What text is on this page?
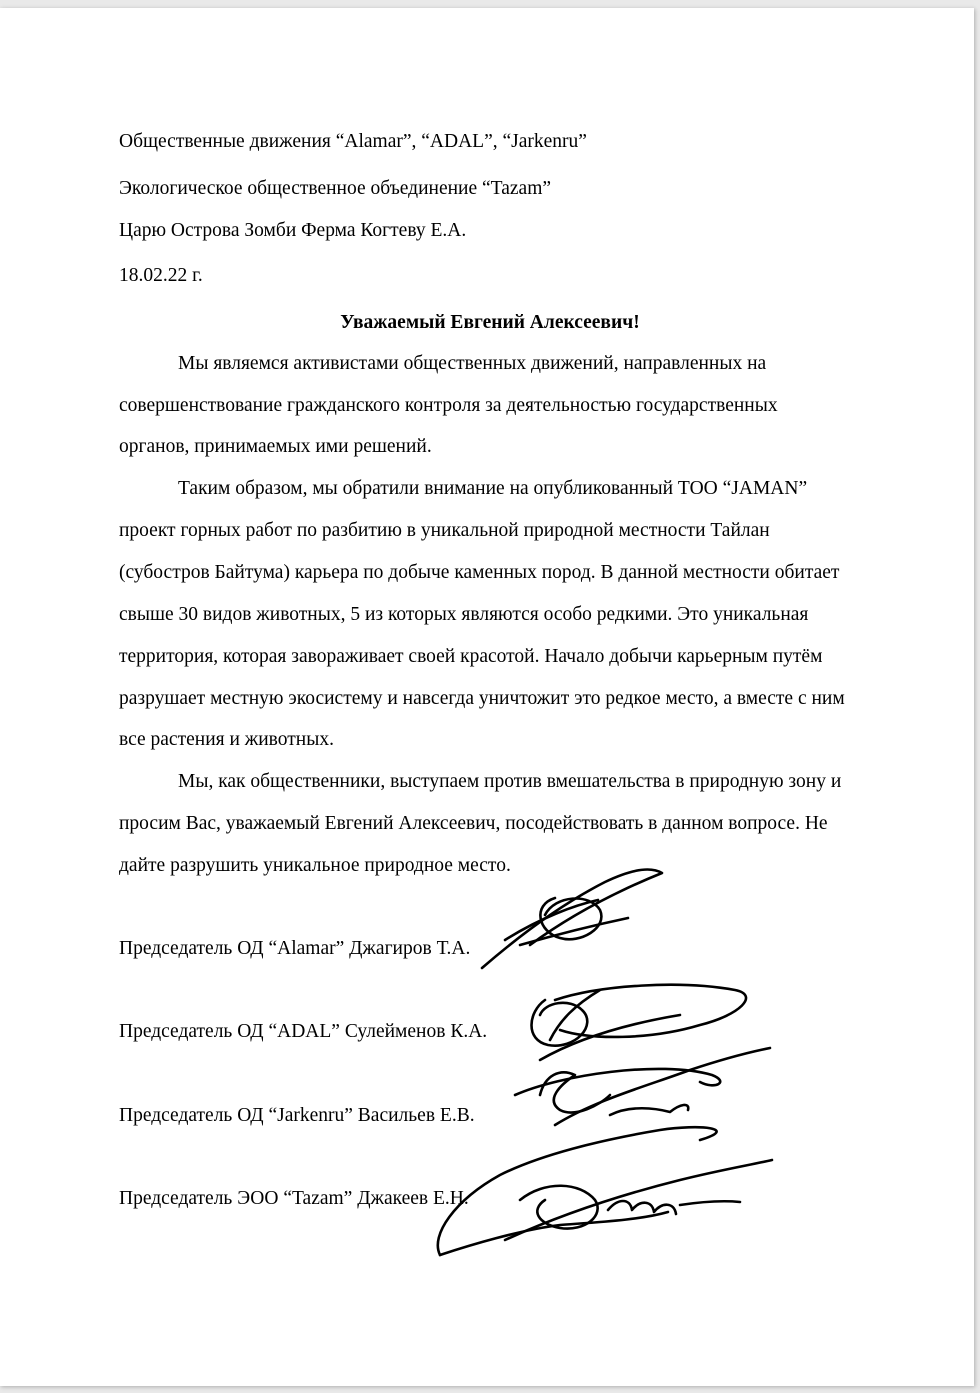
Общественные движения “Alamar”, “ADAL”, “Jarkenru”
Экологическое общественное объединение “Tazam”
Царю Острова Зомби Ферма Когтеву Е.А.
18.02.22 г.
Уважаемый Евгений Алексеевич!
Мы являемся активистами общественных движений, направленных на
совершенствование гражданского контроля за деятельностью государственных
органов, принимаемых ими решений.
Таким образом, мы обратили внимание на опубликованный ТОО “JAMAN”
проект горных работ по разбитию в уникальной природной местности Тайлан
(субостров Байтума) карьера по добыче каменных пород. В данной местности обитает
свыше 30 видов животных, 5 из которых являются особо редкими. Это уникальная
территория, которая завораживает своей красотой. Начало добычи карьерным путём
разрушает местную экосистему и навсегда уничтожит это редкое место, а вместе с ним
все растения и животных.
Мы, как общественники, выступаем против вмешательства в природную зону и
просим Вас, уважаемый Евгений Алексеевич, посодействовать в данном вопросе. Не
дайте разрушить уникальное природное место.
Председатель ОД “Alamar” Джагиров Т.А.
Председатель ОД “ADAL” Сулейменов К.А.
Председатель ОД “Jarkenru” Васильев Е.В.
Председатель ЭОО “Tazam” Джакеев Е.Н.
